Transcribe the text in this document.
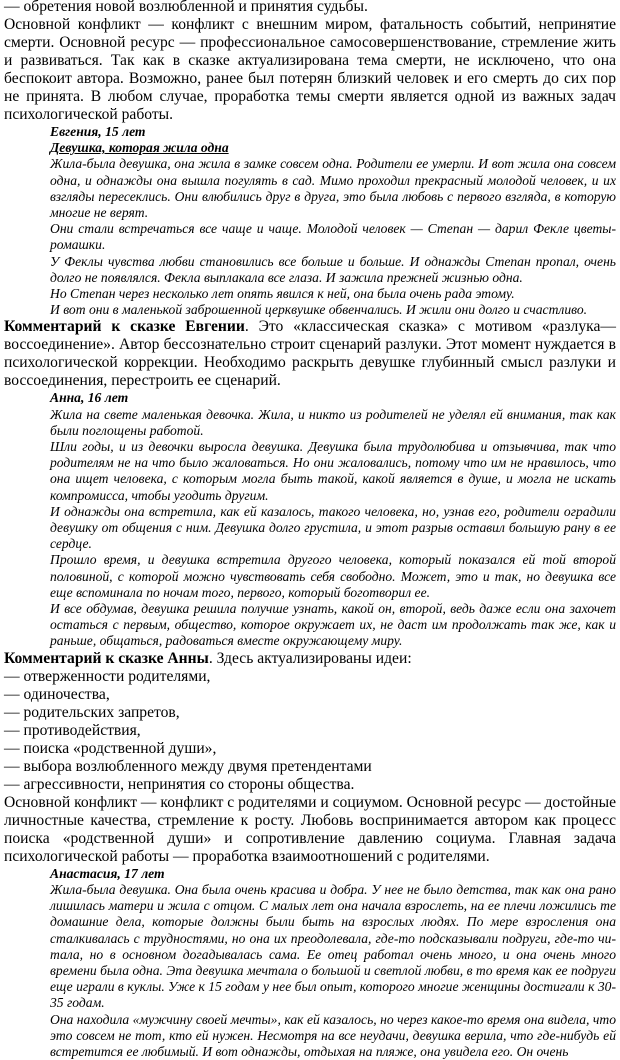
— обретения новой возлюбленной и принятия судьбы.

Основной конфликт — конфликт с внешним миром, фатальность событий, непринятие смерти. Основной ресурс — профессиональное самосовершенствование, стремление жить и развиваться. Так как в сказке актуализирована тема смерти, не исключено, что она беспокоит автора. Возможно, ранее был потерян близкий человек и его смерть до сих пор не принята. В любом случае, проработка темы смерти является одной из важных задач психологической работы.

Евгения, 15 лет

Девушка, которая жила одна

Жила-была девушка, она жила в замке совсем одна. Родители ее умерли. И вот жила она совсем одна, и однажды она вышла погулять в сад. Мимо проходил прекрасный молодой человек, и их взгляды пересеклись. Они влюбились друг в друга, это была любовь с первого взгляда, в которую многие не верят.

Они стали встречаться все чаще и чаще. Молодой человек — Степан — дарил Фекле цветы-ромашки.

У Феклы чувства любви становились все больше и больше. И однажды Степан пропал, очень долго не появлялся. Фекла выплакала все глаза. И зажила прежней жизнью одна.

Но Степан через несколько лет опять явился к ней, она была очень рада этому.

И вот они в маленькой заброшенной церквушке обвенчались. И жили они долго и счастливо.

Комментарий к сказке Евгении. Это «классическая сказка» с мотивом «разлука—воссоединение». Автор бессознательно строит сценарий разлуки. Этот момент нуждается в психологической коррекции. Необходимо раскрыть девушке глубинный смысл разлуки и воссоединения, перестроить ее сценарий.

Анна, 16 лет

Жила на свете маленькая девочка. Жила, и никто из родителей не уделял ей внимания, так как были поглощены работой.

Шли годы, и из девочки выросла девушка. Девушка была трудолюбива и отзывчива, так что родителям не на что было жаловаться. Но они жаловались, потому что им не нравилось, что она ищет человека, с которым могла быть такой, какой является в душе, и могла не искать компромисса, чтобы угодить другим.

И однажды она встретила, как ей казалось, такого человека, но, узнав его, родители оградили девушку от общения с ним. Девушка долго грустила, и этот разрыв оставил большую рану в ее сердце.

Прошло время, и девушка встретила другого человека, который показался ей той второй половиной, с которой можно чувствовать себя свободно. Может, это и так, но девушка все еще вспоминала по ночам того, первого, который боготворил ее.

И все обдумав, девушка решила получше узнать, какой он, второй, ведь даже если она захочет остаться с первым, общество, которое окружает их, не даст им продолжать так же, как и раньше, общаться, радоваться вместе окружающему миру.

Комментарий к сказке Анны. Здесь актуализированы идеи:

— отверженности родителями,

— одиночества,

— родительских запретов,

— противодействия,

— поиска «родственной души»,

— выбора возлюбленного между двумя претендентами

— агрессивности, непринятия со стороны общества.

Основной конфликт — конфликт с родителями и социумом. Основной ресурс — достойные личностные качества, стремление к росту. Любовь воспринимается автором как процесс поиска «родственной души» и сопротивление давлению социума. Главная задача психологической работы — проработка взаимоотношений с родителями.

Анастасия, 17 лет

Жила-была девушка. Она была очень красива и добра. У нее не было детства, так как она рано лишилась матери и жила с отцом. С малых лет она начала взрослеть, на ее плечи ложились те домашние дела, которые должны были быть на взрослых людях. По мере взросления она сталкивалась с трудностями, но она их преодолевала, где-то подсказывали подруги, где-то чи-тала, но в основном догадывалась сама. Ее отец работал очень много, и она очень много времени была одна. Эта девушка мечтала о большой и светлой любви, в то время как ее подруги еще играли в куклы. Уже к 15 годам у нее был опыт, которого многие женщины достигали к 30-35 годам.

Она находила «мужчину своей мечты», как ей казалось, но через какое-то время она видела, что это совсем не тот, кто ей нужен. Несмотря на все неудачи, девушка верила, что где-нибудь ей встретится ее любимый. И вот однажды, отдыхая на пляже, она увидела его. Он очень
